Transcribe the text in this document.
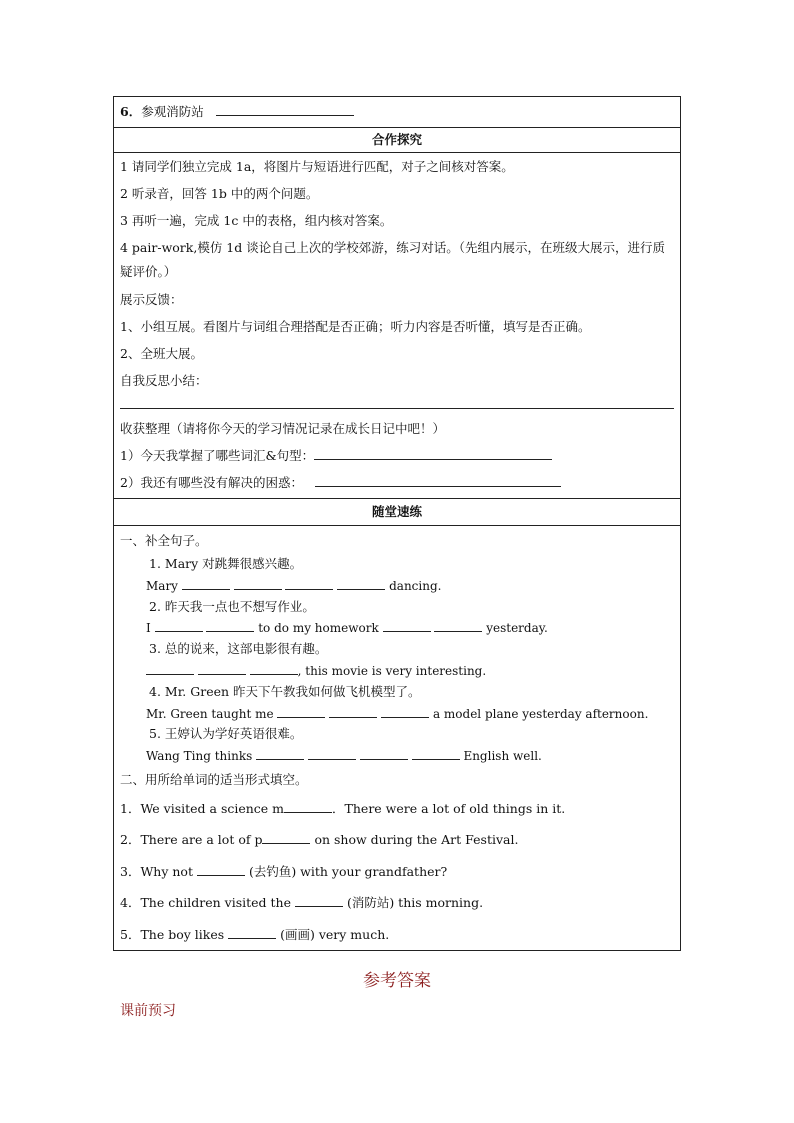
6．参观消防站
合作探究

1 请同学们独立完成 1a，将图片与短语进行匹配，对子之间核对答案。
2 听录音，回答 1b 中的两个问题。
3 再听一遍，完成 1c 中的表格，组内核对答案。
4 pair-work,模仿 1d 谈论自己上次的学校郊游，练习对话。（先组内展示，在班级大展示，进行质疑评价。）
展示反馈：
1、小组互展。看图片与词组合理搭配是否正确；听力内容是否听懂，填写是否正确。
2、全班大展。
自我反思小结：
收获整理（请将你今天的学习情况记录在成长日记中吧！）
1）今天我掌握了哪些词汇&句型：
2）我还有哪些没有解决的困惑：

随堂速练

一、补全句子。
1. Mary 对跳舞很感兴趣。
Mary	dancing.
2. 昨天我一点也不想写作业。
I	to do my homework	yesterday.
3. 总的说来，这部电影很有趣。
, this movie is very interesting.
4. Mr. Green 昨天下午教我如何做飞机模型了。
Mr. Green taught me	a model plane yesterday afternoon.
5. 王婷认为学好英语很难。
Wang Ting thinks	English well.
二、用所给单词的适当形式填空。
1．We visited a science m	．There were a lot of old things in it.
2．There are a lot of p	on show during the Art Festival.
3．Why not	(去钓鱼) with your grandfather?
4．The children visited the	(消防站) this morning.
5．The boy likes	(画画) very much.
参考答案
课前预习
